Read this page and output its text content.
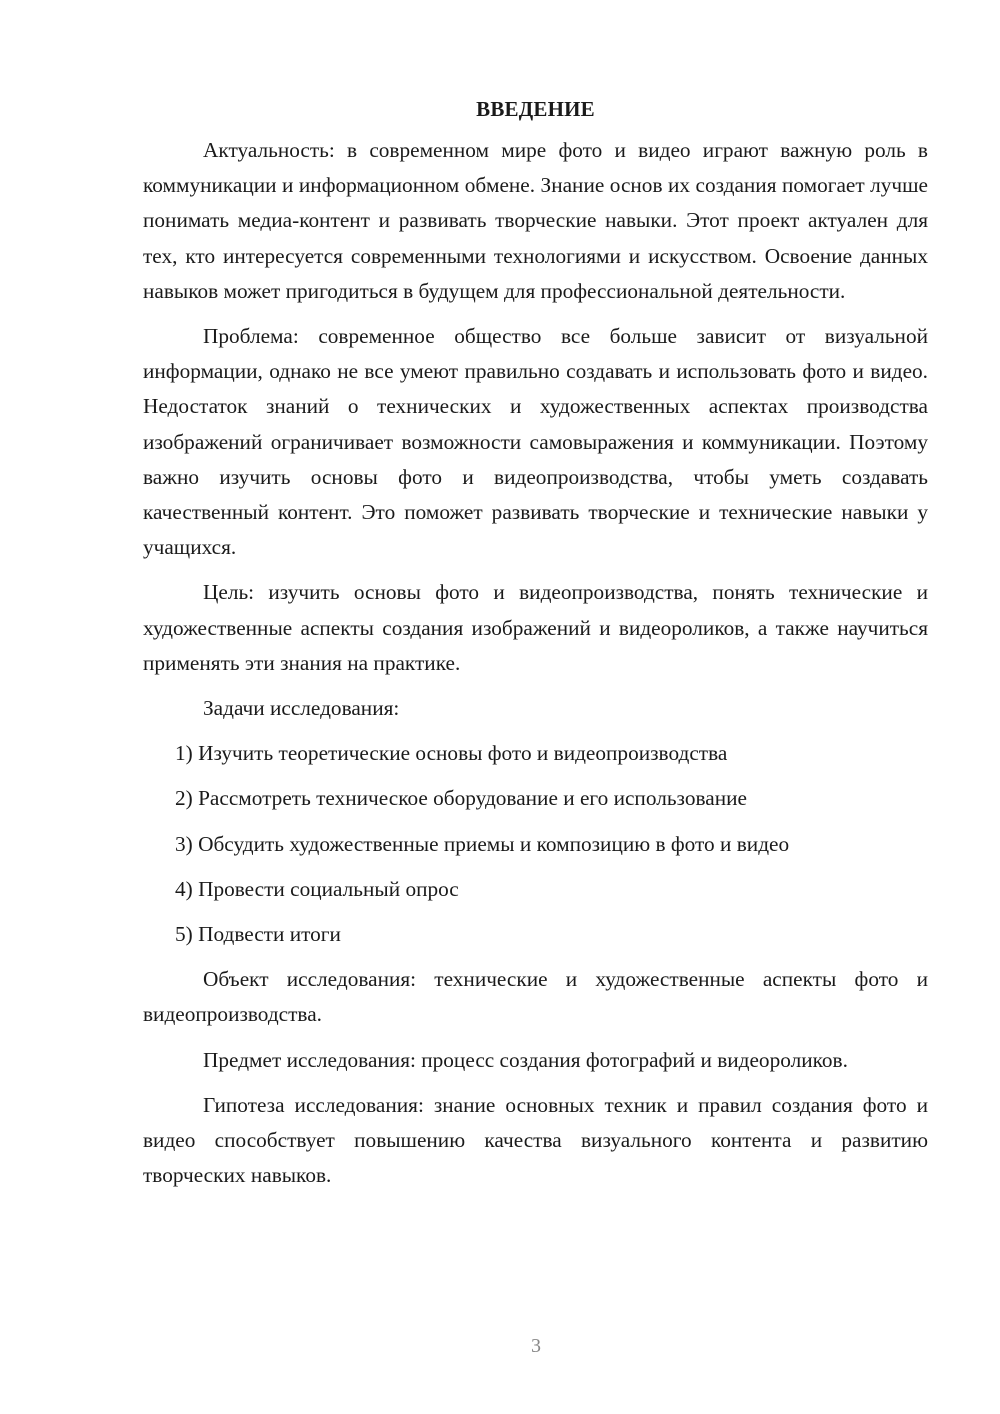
ВВЕДЕНИЕ

Актуальность: в современном мире фото и видео играют важную роль в коммуникации и информационном обмене. Знание основ их создания помогает лучше понимать медиа-контент и развивать творческие навыки. Этот проект актуален для тех, кто интересуется современными технологиями и искусством. Освоение данных навыков может пригодиться в будущем для профессиональной деятельности.

Проблема: современное общество все больше зависит от визуальной информации, однако не все умеют правильно создавать и использовать фото и видео. Недостаток знаний о технических и художественных аспектах производства изображений ограничивает возможности самовыражения и коммуникации. Поэтому важно изучить основы фото и видеопроизводства, чтобы уметь создавать качественный контент. Это поможет развивать творческие и технические навыки у учащихся.

Цель: изучить основы фото и видеопроизводства, понять технические и художественные аспекты создания изображений и видеороликов, а также научиться применять эти знания на практике.

Задачи исследования:

1) Изучить теоретические основы фото и видеопроизводства

2) Рассмотреть техническое оборудование и его использование

3) Обсудить художественные приемы и композицию в фото и видео

4) Провести социальный опрос

5) Подвести итоги

Объект исследования: технические и художественные аспекты фото и видеопроизводства.

Предмет исследования: процесс создания фотографий и видеороликов.

Гипотеза исследования: знание основных техник и правил создания фото и видео способствует повышению качества визуального контента и развитию творческих навыков.

3
